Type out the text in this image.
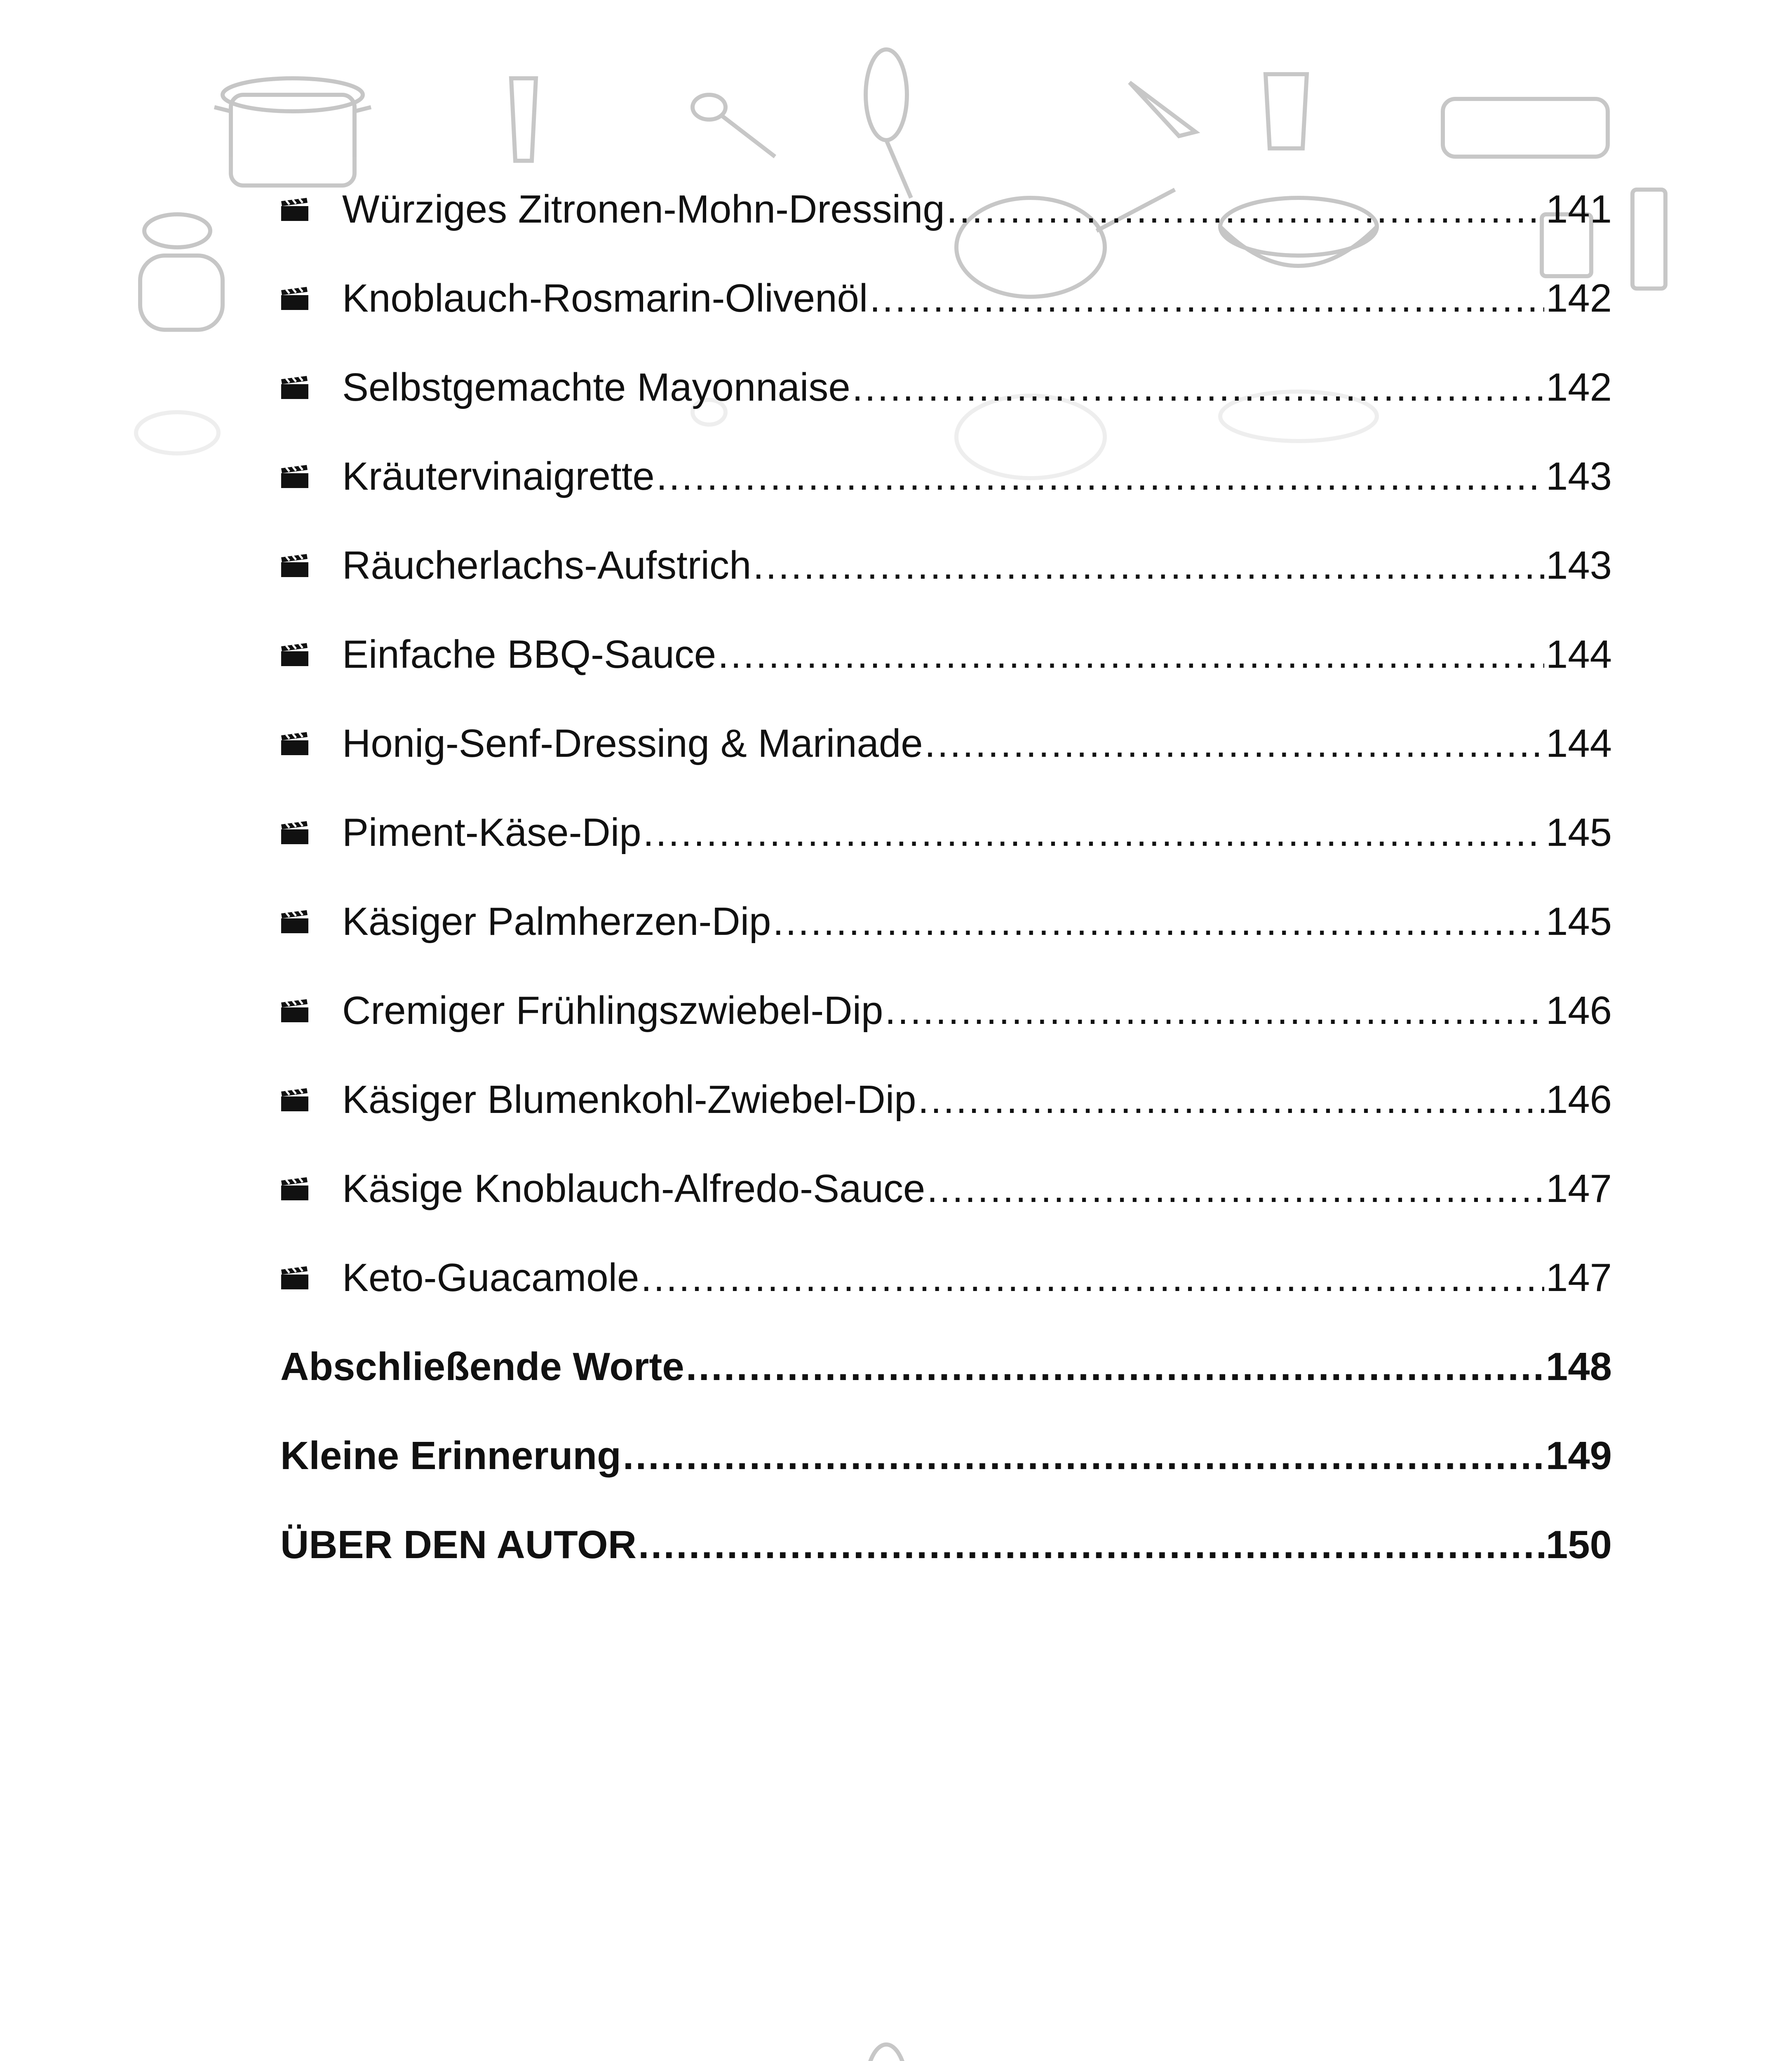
Würziges Zitronen-Mohn-Dressing .....	141
Knoblauch-Rosmarin-Olivenöl .....	142
Selbstgemachte Mayonnaise .....	142
Kräutervinaigrette .....	143
Räucherlachs-Aufstrich .....	143
Einfache BBQ-Sauce .....	144
Honig-Senf-Dressing & Marinade .....	144
Piment-Käse-Dip .....	145
Käsiger Palmherzen-Dip .....	145
Cremiger Frühlingszwiebel-Dip .....	146
Käsiger Blumenkohl-Zwiebel-Dip .....	146
Käsige Knoblauch-Alfredo-Sauce .....	147
Keto-Guacamole .....	147
Abschließende Worte .....	148
Kleine Erinnerung .....	149
ÜBER DEN AUTOR .....	150
